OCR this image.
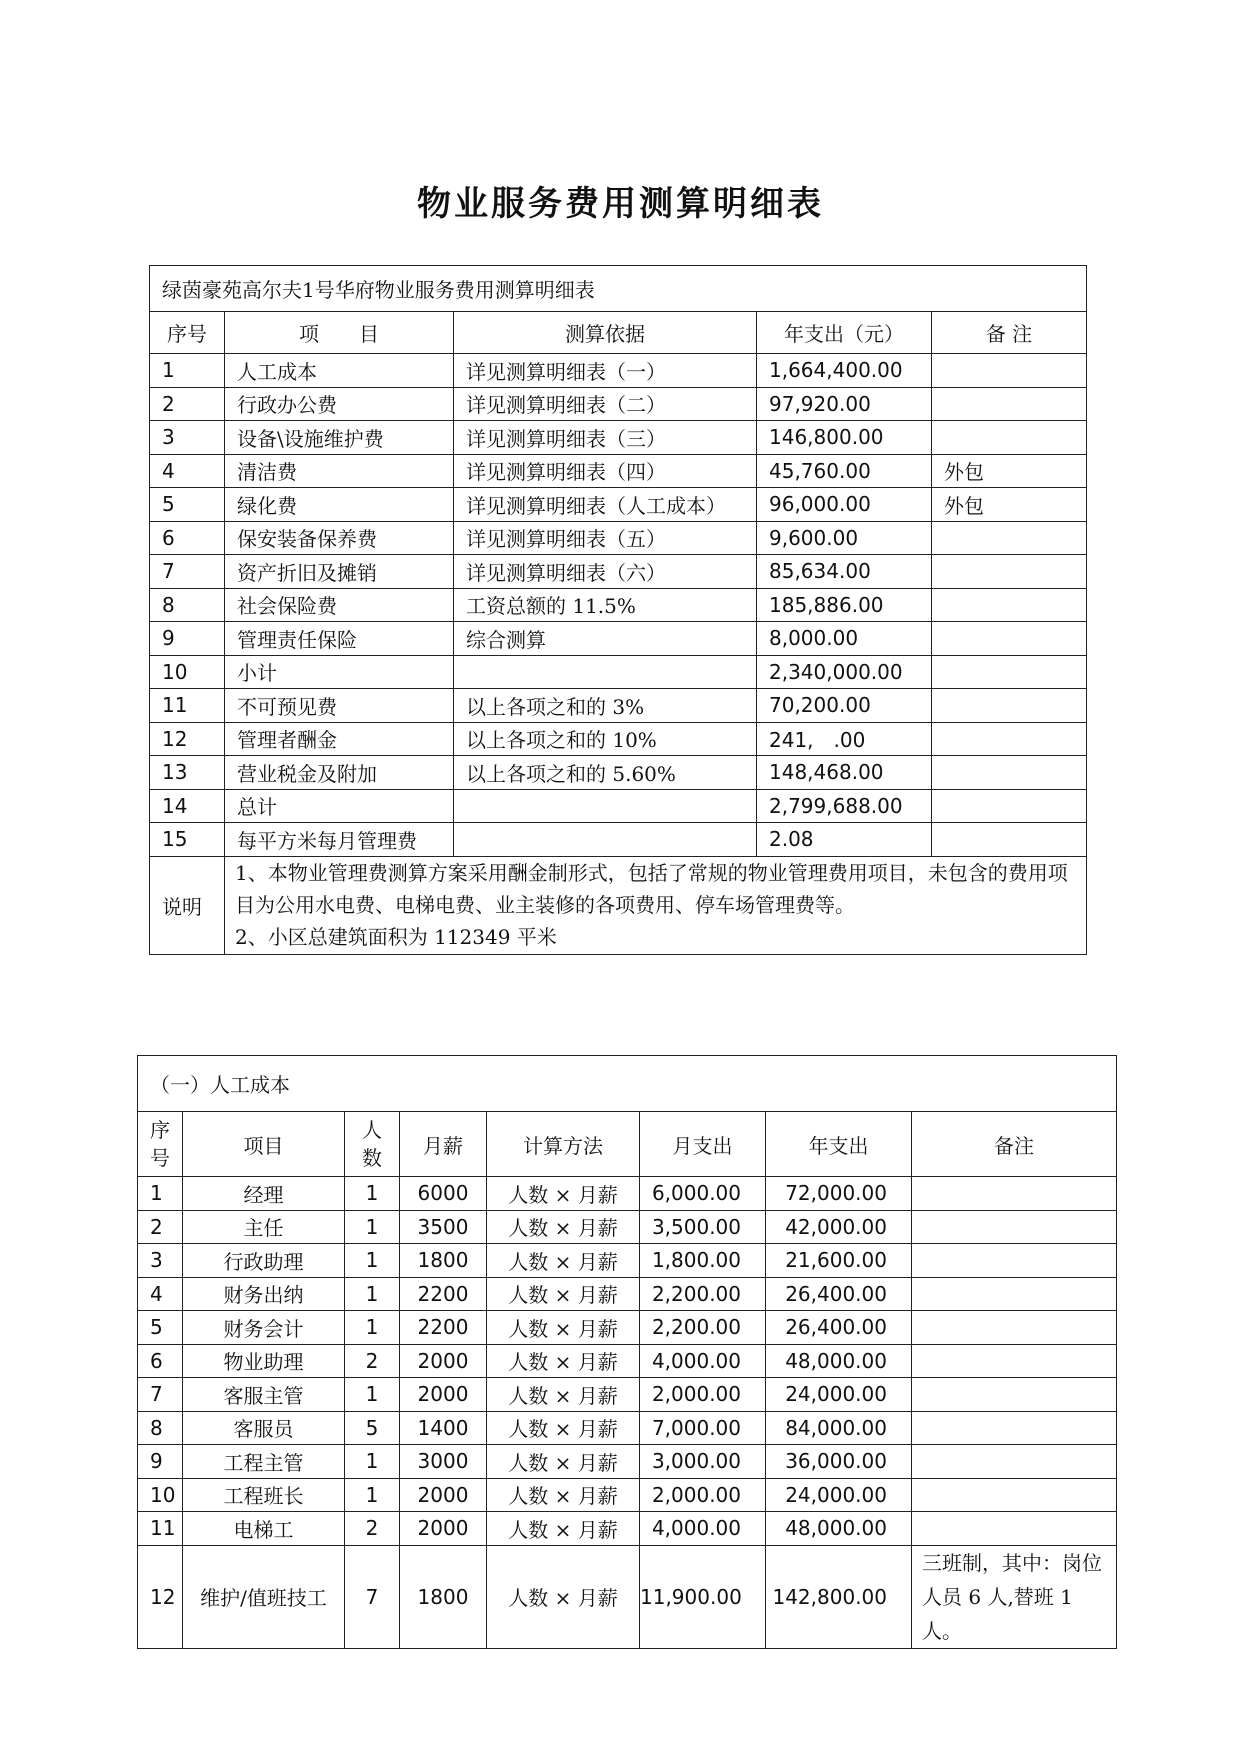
物业服务费用测算明细表
绿茵豪苑高尔夫1号华府物业服务费用测算明细表				
序号	项　　目	测算依据	年支出（元）	备 注
1	人工成本	详见测算明细表（一）	1,664,400.00	
2	行政办公费	详见测算明细表（二）	97,920.00	
3	设备\设施维护费	详见测算明细表（三）	146,800.00	
4	清洁费	详见测算明细表（四）	45,760.00	外包
5	绿化费	详见测算明细表（人工成本）	96,000.00	外包
6	保安装备保养费	详见测算明细表（五）	9,600.00	
7	资产折旧及摊销	详见测算明细表（六）	85,634.00	
8	社会保险费	工资总额的 11.5%	185,886.00	
9	管理责任保险	综合测算	8,000.00	
10	小计		2,340,000.00	
11	不可预见费	以上各项之和的 3%	70,200.00	
12	管理者酬金	以上各项之和的 10%	241,　.00	
13	营业税金及附加	以上各项之和的 5.60%	148,468.00	
14	总计		2,799,688.00	
15	每平方米每月管理费		2.08	
说明	1、本物业管理费测算方案采用酬金制形式，包括了常规的物业管理费用项目，未包含的费用项目为公用水电费、电梯电费、业主装修的各项费用、停车场管理费等。
2、小区总建筑面积为 112349 平米			
（一）人工成本							
序
号	项目	人
数	月薪	计算方法	月支出	年支出	备注
1	经理	1	6000	人数 × 月薪	6,000.00	72,000.00	
2	主任	1	3500	人数 × 月薪	3,500.00	42,000.00	
3	行政助理	1	1800	人数 × 月薪	1,800.00	21,600.00	
4	财务出纳	1	2200	人数 × 月薪	2,200.00	26,400.00	
5	财务会计	1	2200	人数 × 月薪	2,200.00	26,400.00	
6	物业助理	2	2000	人数 × 月薪	4,000.00	48,000.00	
7	客服主管	1	2000	人数 × 月薪	2,000.00	24,000.00	
8	客服员	5	1400	人数 × 月薪	7,000.00	84,000.00	
9	工程主管	1	3000	人数 × 月薪	3,000.00	36,000.00	
10	工程班长	1	2000	人数 × 月薪	2,000.00	24,000.00	
11	电梯工	2	2000	人数 × 月薪	4,000.00	48,000.00	
12	维护/值班技工	7	1800	人数 × 月薪	11,900.00	142,800.00	三班制，其中：岗位人员 6 人,替班 1 人。
